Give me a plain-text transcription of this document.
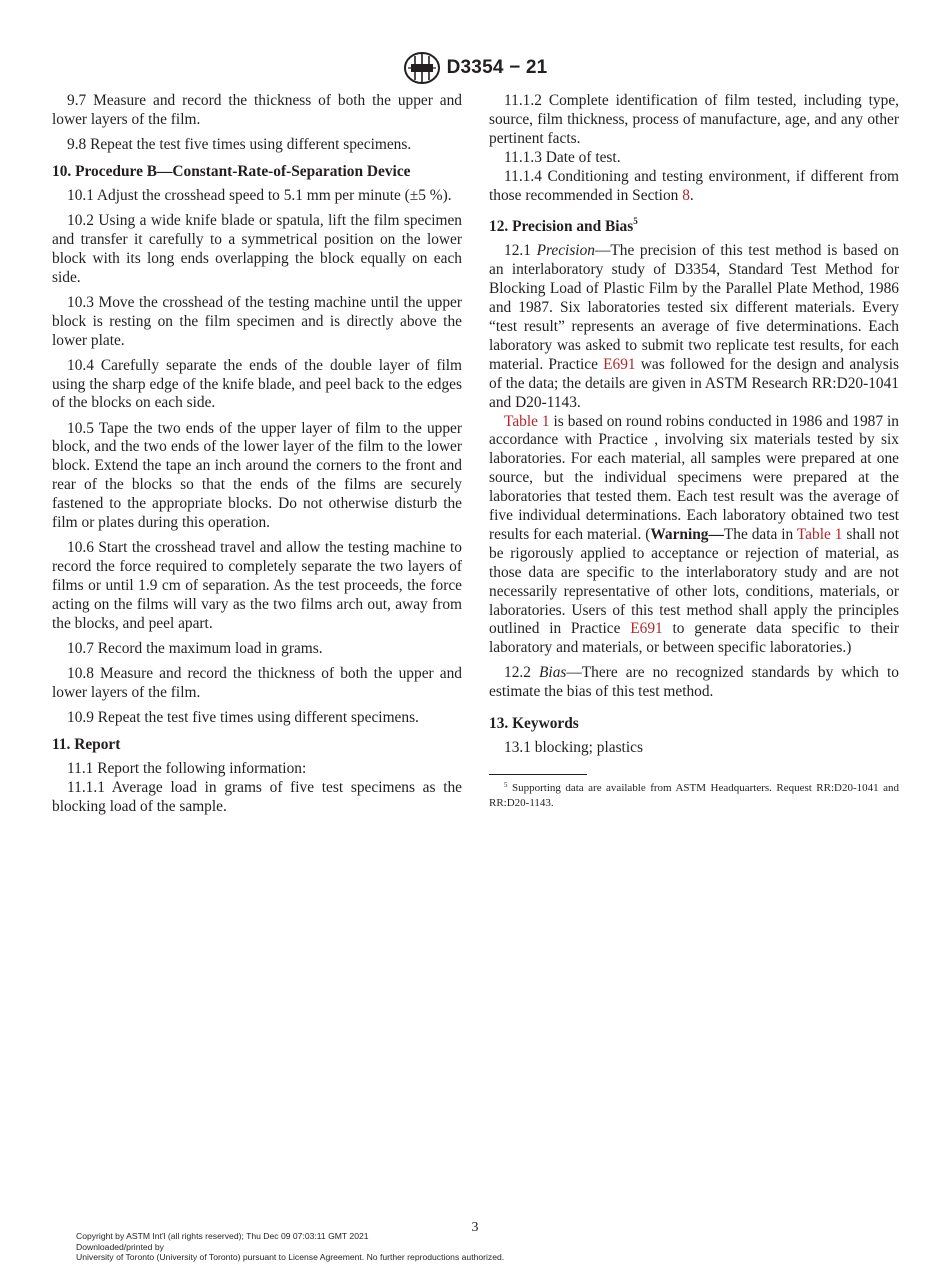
D3354 − 21

9.7 Measure and record the thickness of both the upper and lower layers of the film.

9.8 Repeat the test five times using different specimens.

10. Procedure B—Constant-Rate-of-Separation Device

10.1 Adjust the crosshead speed to 5.1 mm per minute (±5 %).

10.2 Using a wide knife blade or spatula, lift the film specimen and transfer it carefully to a symmetrical position on the lower block with its long ends overlapping the block equally on each side.

10.3 Move the crosshead of the testing machine until the upper block is resting on the film specimen and is directly above the lower plate.

10.4 Carefully separate the ends of the double layer of film using the sharp edge of the knife blade, and peel back to the edges of the blocks on each side.

10.5 Tape the two ends of the upper layer of film to the upper block, and the two ends of the lower layer of the film to the lower block. Extend the tape an inch around the corners to the front and rear of the blocks so that the ends of the films are securely fastened to the appropriate blocks. Do not otherwise disturb the film or plates during this operation.

10.6 Start the crosshead travel and allow the testing machine to record the force required to completely separate the two layers of films or until 1.9 cm of separation. As the test proceeds, the force acting on the films will vary as the two films arch out, away from the blocks, and peel apart.

10.7 Record the maximum load in grams.

10.8 Measure and record the thickness of both the upper and lower layers of the film.

10.9 Repeat the test five times using different specimens.

11. Report

11.1 Report the following information:

11.1.1 Average load in grams of five test specimens as the blocking load of the sample.

11.1.2 Complete identification of film tested, including type, source, film thickness, process of manufacture, age, and any other pertinent facts.

11.1.3 Date of test.

11.1.4 Conditioning and testing environment, if different from those recommended in Section 8.

12. Precision and Bias$^5$

12.1 Precision—The precision of this test method is based on an interlaboratory study of D3354, Standard Test Method for Blocking Load of Plastic Film by the Parallel Plate Method, 1986 and 1987. Six laboratories tested six different materials. Every “test result” represents an average of five determinations. Each laboratory was asked to submit two replicate test results, for each material. Practice E691 was followed for the design and analysis of the data; the details are given in ASTM Research RR:D20-1041 and D20-1143.

Table 1 is based on round robins conducted in 1986 and 1987 in accordance with Practice , involving six materials tested by six laboratories. For each material, all samples were prepared at one source, but the individual specimens were prepared at the laboratories that tested them. Each test result was the average of five individual determinations. Each laboratory obtained two test results for each material. (Warning—The data in Table 1 shall not be rigorously applied to acceptance or rejection of material, as those data are specific to the interlaboratory study and are not necessarily representative of other lots, conditions, materials, or laboratories. Users of this test method shall apply the principles outlined in Practice E691 to generate data specific to their laboratory and materials, or between specific laboratories.)

12.2 Bias—There are no recognized standards by which to estimate the bias of this test method.

13. Keywords

13.1 blocking; plastics

$^5$ Supporting data are available from ASTM Headquarters. Request RR:D20-1041 and RR:D20-1143.

3
Copyright by ASTM Int'l (all rights reserved); Thu Dec 09 07:03:11 GMT 2021
Downloaded/printed by
University of Toronto (University of Toronto) pursuant to License Agreement. No further reproductions authorized.
